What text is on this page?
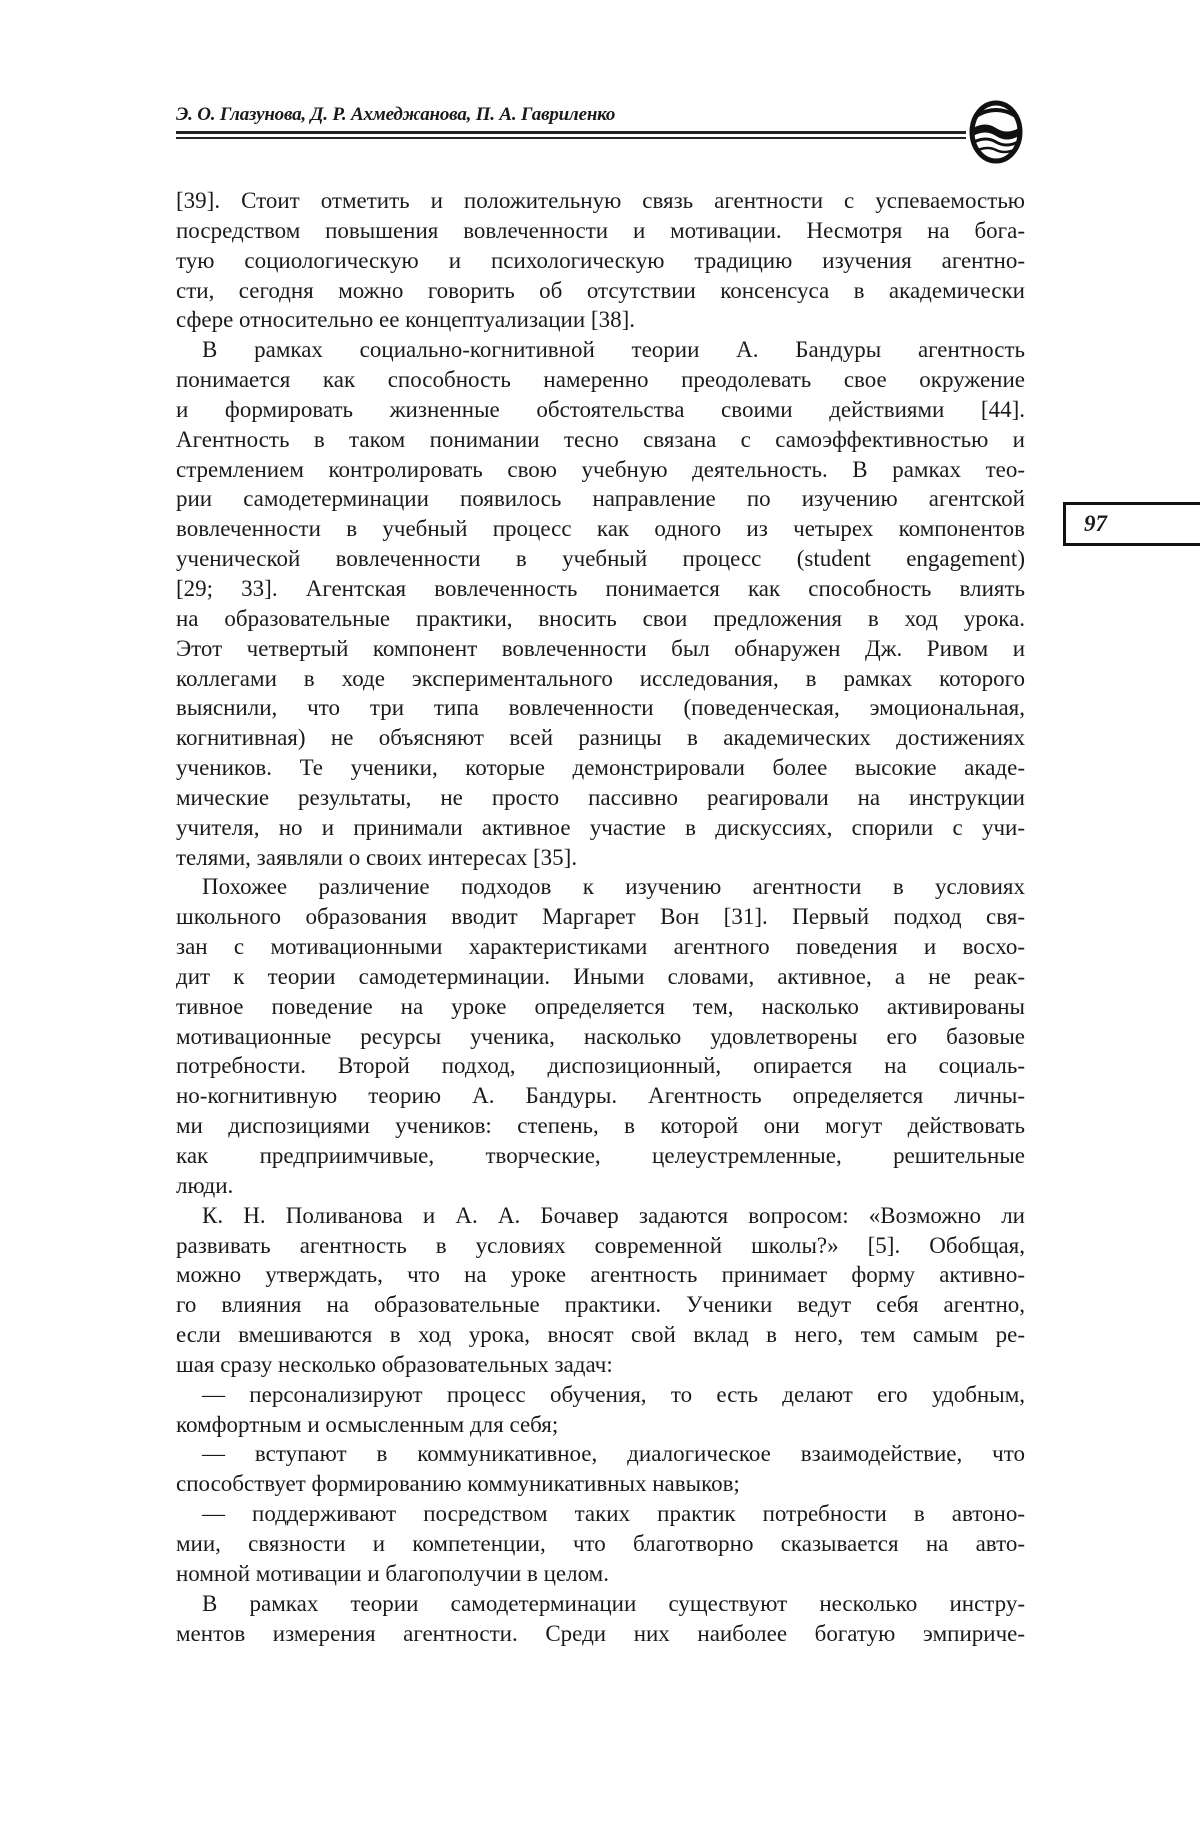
Э. О. Глазунова, Д. Р. Ахмеджанова, П. А. Гавриленко
97
[39]. Стоит отметить и положительную связь агентности с успеваемостью
посредством повышения вовлеченности и мотивации. Несмотря на бога-
тую социологическую и психологическую традицию изучения агентно-
сти, сегодня можно говорить об отсутствии консенсуса в академически
сфере относительно ее концептуализации [38].
В рамках социально-когнитивной теории А. Бандуры агентность
понимается как способность намеренно преодолевать свое окружение
и формировать жизненные обстоятельства своими действиями [44].
Агентность в таком понимании тесно связана с самоэффективностью и
стремлением контролировать свою учебную деятельность. В рамках тео-
рии самодетерминации появилось направление по изучению агентской
вовлеченности в учебный процесс как одного из четырех компонентов
ученической вовлеченности в учебный процесс (student engagement)
[29; 33]. Агентская вовлеченность понимается как способность влиять
на образовательные практики, вносить свои предложения в ход урока.
Этот четвертый компонент вовлеченности был обнаружен Дж. Ривом и
коллегами в ходе экспериментального исследования, в рамках которого
выяснили, что три типа вовлеченности (поведенческая, эмоциональная,
когнитивная) не объясняют всей разницы в академических достижениях
учеников. Те ученики, которые демонстрировали более высокие акаде-
мические результаты, не просто пассивно реагировали на инструкции
учителя, но и принимали активное участие в дискуссиях, спорили с учи-
телями, заявляли о своих интересах [35].
Похожее различение подходов к изучению агентности в условиях
школьного образования вводит Маргарет Вон [31]. Первый подход свя-
зан с мотивационными характеристиками агентного поведения и восхо-
дит к теории самодетерминации. Иными словами, активное, а не реак-
тивное поведение на уроке определяется тем, насколько активированы
мотивационные ресурсы ученика, насколько удовлетворены его базовые
потребности. Второй подход, диспозиционный, опирается на социаль-
но-когнитивную теорию А. Бандуры. Агентность определяется личны-
ми диспозициями учеников: степень, в которой они могут действовать
как предприимчивые, творческие, целеустремленные, решительные
люди.
К. Н. Поливанова и А. А. Бочавер задаются вопросом: «Возможно ли
развивать агентность в условиях современной школы?» [5]. Обобщая,
можно утверждать, что на уроке агентность принимает форму активно-
го влияния на образовательные практики. Ученики ведут себя агентно,
если вмешиваются в ход урока, вносят свой вклад в него, тем самым ре-
шая сразу несколько образовательных задач:
— персонализируют процесс обучения, то есть делают его удобным,
комфортным и осмысленным для себя;
— вступают в коммуникативное, диалогическое взаимодействие, что
способствует формированию коммуникативных навыков;
— поддерживают посредством таких практик потребности в автоно-
мии, связности и компетенции, что благотворно сказывается на авто-
номной мотивации и благополучии в целом.
В рамках теории самодетерминации существуют несколько инстру-
ментов измерения агентности. Среди них наиболее богатую эмпириче-
